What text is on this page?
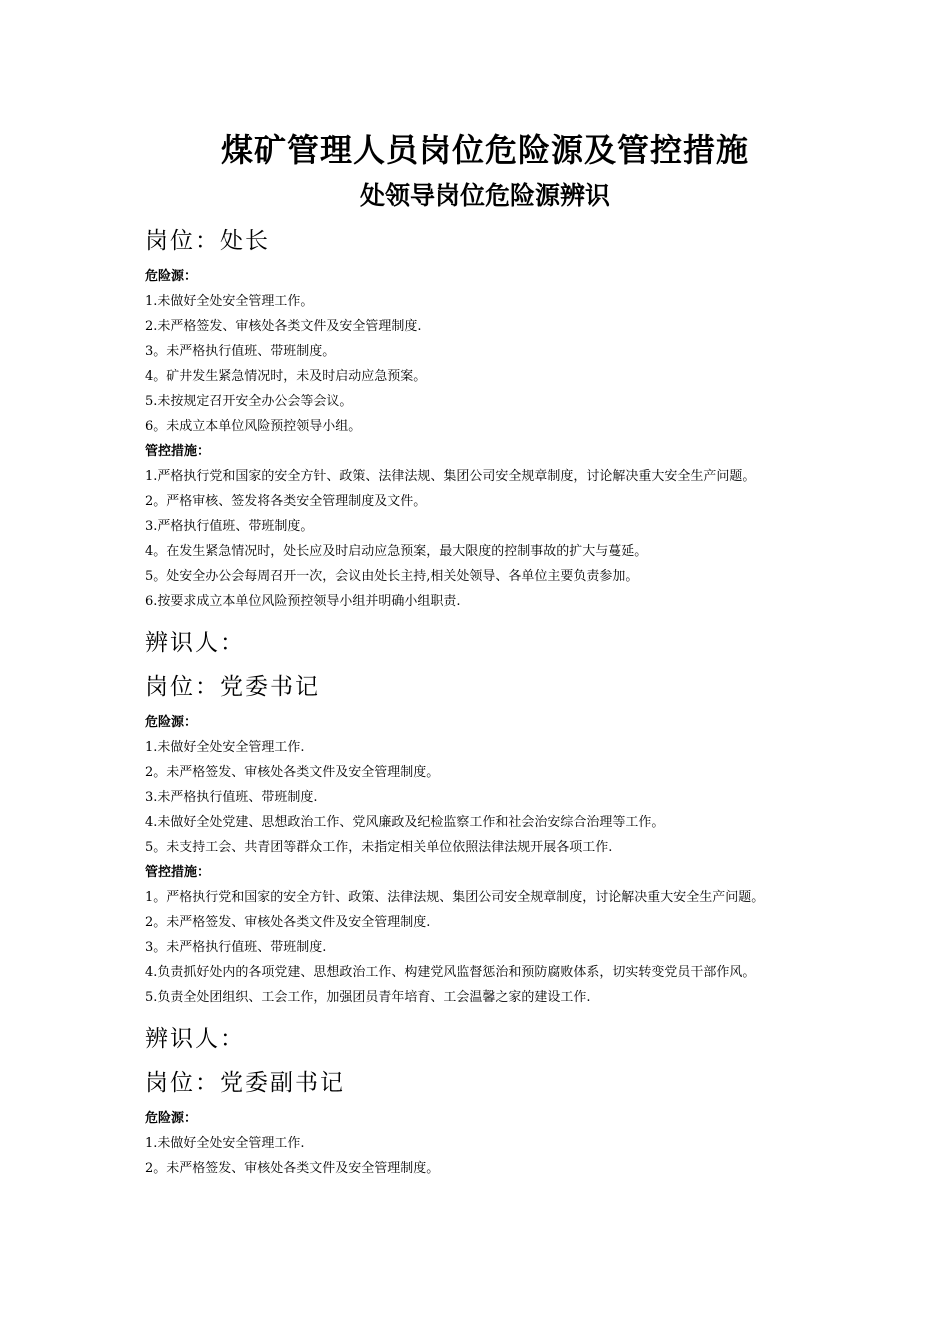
煤矿管理人员岗位危险源及管控措施
处领导岗位危险源辨识
岗位：处长

危险源：

1.未做好全处安全管理工作。

2.未严格签发、审核处各类文件及安全管理制度.

3。未严格执行值班、带班制度。

4。矿井发生紧急情况时，未及时启动应急预案。

5.未按规定召开安全办公会等会议。

6。未成立本单位风险预控领导小组。

管控措施：

1.严格执行党和国家的安全方针、政策、法律法规、集团公司安全规章制度，讨论解决重大安全生产问题。

2。严格审核、签发将各类安全管理制度及文件。

3.严格执行值班、带班制度。

4。在发生紧急情况时，处长应及时启动应急预案，最大限度的控制事故的扩大与蔓延。

5。处安全办公会每周召开一次，会议由处长主持,相关处领导、各单位主要负责参加。

6.按要求成立本单位风险预控领导小组并明确小组职责.

辨识人：
岗位：党委书记

危险源：

1.未做好全处安全管理工作.

2。未严格签发、审核处各类文件及安全管理制度。

3.未严格执行值班、带班制度.

4.未做好全处党建、思想政治工作、党风廉政及纪检监察工作和社会治安综合治理等工作。

5。未支持工会、共青团等群众工作，未指定相关单位依照法律法规开展各项工作.

管控措施：

1。严格执行党和国家的安全方针、政策、法律法规、集团公司安全规章制度，讨论解决重大安全生产问题。

2。未严格签发、审核处各类文件及安全管理制度.

3。未严格执行值班、带班制度.

4.负责抓好处内的各项党建、思想政治工作、构建党风监督惩治和预防腐败体系，切实转变党员干部作风。

5.负责全处团组织、工会工作，加强团员青年培育、工会温馨之家的建设工作.

辨识人：
岗位：党委副书记

危险源：

1.未做好全处安全管理工作.

2。未严格签发、审核处各类文件及安全管理制度。
